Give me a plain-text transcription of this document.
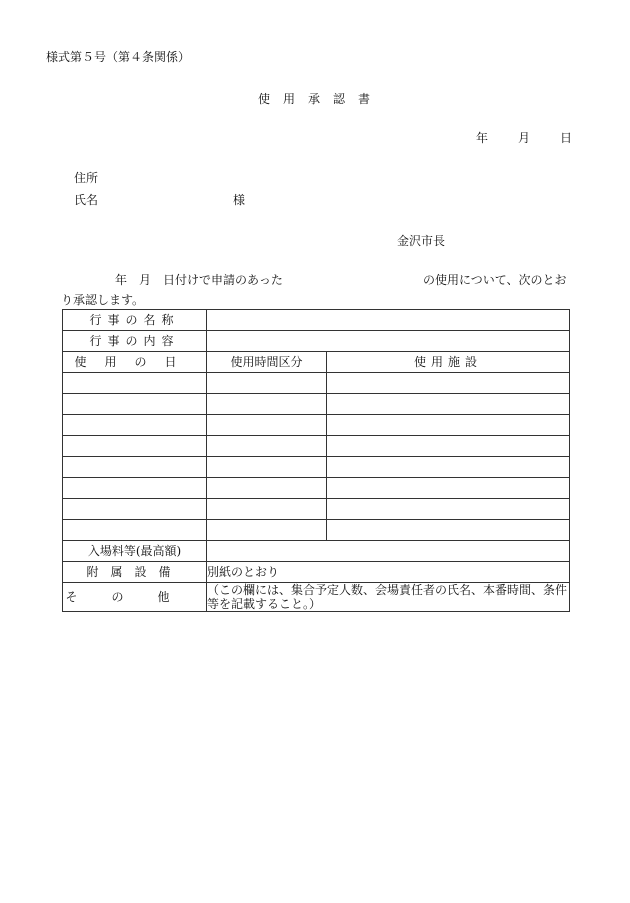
様式第５号（第４条関係）
使用承認書
年 月 日
住所
氏名	様
金沢市長
年　月　日付けで申請のあった	の使用について、次のとお
り承認します。
行事の名称		
行事の内容		
使用の日	使用時間区分	使用施設

入場料等(最高額)		
附属設備	別紙のとおり	
その他	（この欄には、集合予定人数、会場責任者の氏名、本番時間、条件等を記載すること。）	
